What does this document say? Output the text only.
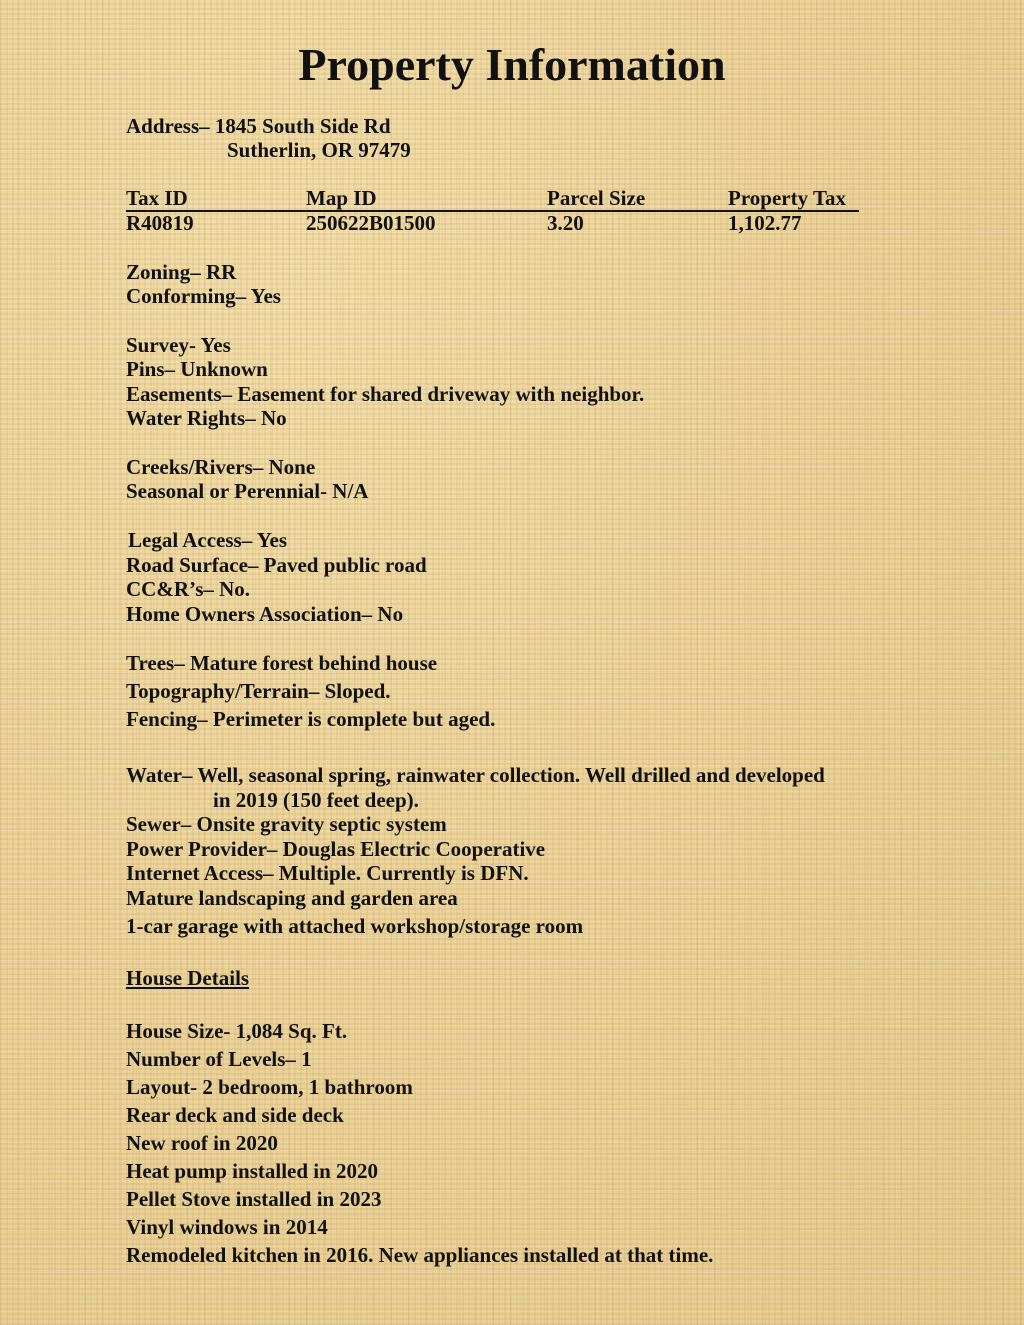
Property Information
Address– 1845 South Side Rd
Sutherlin, OR 97479
Tax ID	Map ID	Parcel Size	Property Tax
R40819	250622B01500	3.20	1,102.77
Zoning– RR
Conforming– Yes
Survey- Yes
Pins– Unknown
Easements– Easement for shared driveway with neighbor.
Water Rights– No
Creeks/Rivers– None
Seasonal or Perennial- N/A
Legal Access– Yes
Road Surface– Paved public road
CC&R’s– No.
Home Owners Association– No
Trees– Mature forest behind house
Topography/Terrain– Sloped.
Fencing– Perimeter is complete but aged.
Water– Well, seasonal spring, rainwater collection. Well drilled and developed
in 2019 (150 feet deep).
Sewer– Onsite gravity septic system
Power Provider– Douglas Electric Cooperative
Internet Access– Multiple. Currently is DFN.
Mature landscaping and garden area
1-car garage with attached workshop/storage room
House Details
House Size- 1,084 Sq. Ft.
Number of Levels– 1
Layout- 2 bedroom, 1 bathroom
Rear deck and side deck
New roof in 2020
Heat pump installed in 2020
Pellet Stove installed in 2023
Vinyl windows in 2014
Remodeled kitchen in 2016. New appliances installed at that time.
